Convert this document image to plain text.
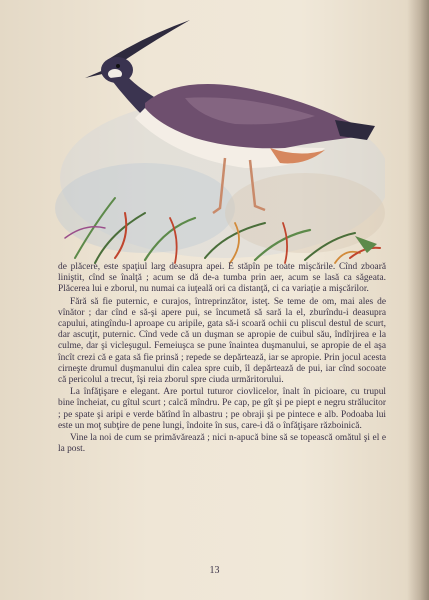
de plăcere, este spaţiul larg deasupra apei. E stăpîn pe toate mişcările. Cînd zboară liniştit, cînd se înalţă ; acum se dă de-a tumba prin aer, acum se lasă ca săgeata. Plăcerea lui e zborul, nu numai ca iuţeală ori ca distanţă, ci ca variaţie a mişcărilor.

Fără să fie puternic, e curajos, întreprinzător, isteţ. Se teme de om, mai ales de vînător ; dar cînd e să-şi apere pui, se încumetă să sară la el, zburîndu-i deasupra capului, atingîndu-l aproape cu aripile, gata să-i scoară ochii cu pliscul destul de scurt, dar ascuţit, puternic. Cînd vede că un duşman se apropie de cuibul său, îndîrjirea e la culme, dar şi vicleşugul. Femeiuşca se pune înaintea duşmanului, se apropie de el aşa încît crezi că e gata să fie prinsă ; repede se depărtează, iar se apropie. Prin jocul acesta cirneşte drumul duşmanului din calea spre cuib, îl depărtează de pui, iar cînd socoate că pericolul a trecut, îşi reia zborul spre ciuda urmăritorului.

La înfăţişare e elegant. Are portul tuturor ciovlicelor, înalt în picioare, cu trupul bine încheiat, cu gîtul scurt ; calcă mîndru. Pe cap, pe gît şi pe piept e negru strălucitor ; pe spate şi aripi e verde bătînd în albastru ; pe obraji şi pe pintece e alb. Podoaba lui este un moţ subţire de pene lungi, îndoite în sus, care-i dă o înfăţişare războinică.

Vine la noi de cum se primăvărează ; nici n-apucă bine să se topească omătul şi el e la post.

13
